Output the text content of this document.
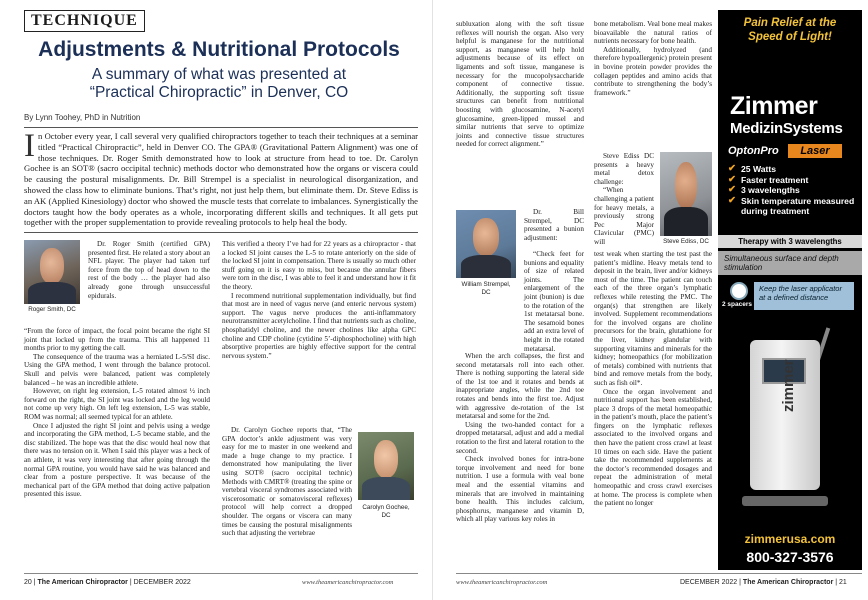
TECHNIQUE
Adjustments & Nutritional Protocols
A summary of what was presented at
“Practical Chiropractic” in Denver, CO
By Lynn Toohey, PhD in Nutrition
In October every year, I call several very qualified chiropractors together to teach their techniques at a seminar titled “Practical Chiropractic”, held in Denver CO. The GPA® (Gravitational Pattern Alignment) was one of those techniques. Dr. Roger Smith demonstrated how to look at structure from head to toe. Dr. Carolyn Gochee is an SOT® (sacro occipital technic) methods doctor who demonstrated how the organs or viscera could be causing the postural misalignments. Dr. Bill Strempel is a specialist in neurological disorganization, and showed the class how to eliminate bunions. That’s right, not just help them, but eliminate them. Dr. Steve Ediss is an AK (Applied Kinesiology) doctor who showed the muscle tests that correlate to imbalances. Synergistically the doctors taught how the body operates as a whole, incorporating different skills and techniques. It all gets put together with the proper supplementation to provide revealing protocols to help heal the body.
Roger Smith, DC

Dr. Roger Smith (certified GPA) presented first. He related a story about an NFL player. The player had taken turf force from the top of head down to the rest of the body … the player had also already gone through unsuccessful epidurals.

“From the force of impact, the focal point became the right SI joint that locked up from the trauma. This all happened 11 months prior to my getting the call.

The consequence of the trauma was a herniated L-5/SI disc. Using the GPA method, I went through the balance protocol. Skull and pelvis were balanced, patient was completely balanced – he was an incredible athlete.

However, on right leg extension, L-5 rotated almost ½ inch forward on the right, the SI joint was locked and the leg would not come up very high. On left leg extension, L-5 was stable, ROM was normal; all seemed typical for an athlete.

Once I adjusted the right SI joint and pelvis using a wedge and incorporating the GPA method, L-5 became stable, and the disc stabilized. The hope was that the disc would heal now that there was no tension on it. When I said this player was a heck of an athlete, it was very interesting that after going through the normal GPA routine, you would have said he was balanced and clear from a posture perspective. It was because of the mechanical part of the GPA method that doing active palpation presented this issue.

This verified a theory I’ve had for 22 years as a chiropractor - that a locked SI joint causes the L-5 to rotate anteriorly on the side of the locked SI joint in compensation. There is usually so much other stuff going on it is easy to miss, but because the annular fibers were torn in the disc, I was able to feel it and understand how it fit the theory.

I recommend nutritional supplementation individually, but find that most are in need of vagus nerve (and enteric nervous system) support. The vagus nerve produces the anti-inflammatory neurotransmitter acetylcholine. I find that nutrients such as choline, phosphatidyl choline, and the newer cholines like alpha GPC choline and CDP choline (cytidine 5’-diphosphocholine) with high absorptive properties are highly effective support for the central nervous system.”

Dr. Carolyn Gochee reports that, “The GPA doctor’s ankle adjustment was very easy for me to master in one weekend and made a huge change to my practice. I demonstrated how manipulating the liver using SOT® (sacro occipital technic) Methods with CMRT® (treating the spine or vertebral visceral syndromes associated with viscerosomatic or somatovisceral reflexes) protocol will help correct a dropped shoulder. The organs or viscera can many times be causing the postural misalignments such that adjusting the vertebrae

Carolyn Gochee,
DC

subluxation along with the soft tissue reflexes will nourish the organ. Also very helpful is manganese for the nutritional support, as manganese will help hold adjustments because of its effect on ligaments and soft tissue, manganese is necessary for the mucopolysaccharide component of connective tissue. Additionally, the supporting soft tissue structures can benefit from nutritional boosting with glucosamine, N-acetyl glucosamine, green-lipped mussel and similar nutrients that serve to optimize joints and connective tissue structures needed for correct alignment.”

William Strempel,
DC

Dr. Bill Strempel, DC presented a bunion adjustment:

“Check feet for bunions and equality of size of related joints. The enlargement of the joint (bunion) is due to the rotation of the 1st metatarsal bone. The sesamoid bones add an extra level of height in the rotated metatarsal.

When the arch collapses, the first and second metatarsals roll into each other. There is nothing supporting the lateral side of the 1st toe and it rotates and bends at inappropriate angles, while the 2nd toe rotates and bends into the first toe. Adjust with aggressive de-rotation of the 1st metatarsal and some for the 2nd.

Using the two-handed contact for a dropped metatarsal, adjust and add a medial rotation to the first and lateral rotation to the second.

Check involved bones for intra-bone torque involvement and need for bone nutrition. I use a formula with veal bone meal and the essential vitamins and minerals that are involved in maintaining bone health. This includes calcium, phosphorus, manganese and vitamin D, which all play various key roles in

bone metabolism. Veal bone meal makes bioavailable the natural ratios of nutrients necessary for bone health.

Additionally, hydrolyzed (and therefore hypoallergenic) protein present in bovine protein powder provides the collagen peptides and amino acids that contribute to strengthening the body’s framework.”

Steve Ediss DC presents a heavy metal detox challenge:

“When challenging a patient for heavy metals, a previously strong Pec Major Clavicular (PMC) will	Steve Ediss, DC

test weak when starting the test past the patient’s midline. Heavy metals tend to deposit in the brain, liver and/or kidneys most of the time. The patient can touch each of the three organ’s lymphatic reflexes while retesting the PMC. The organ(s) that strengthen are likely involved. Supplement recommendations for the involved organs are choline precursors for the brain, glutathione for the liver, kidney glandular with supporting vitamins and minerals for the kidney; homeopathics (for mobilization of metals) combined with nutrients that bind and remove metals from the body, such as fish oil*.

Once the organ involvement and nutritional support has been established, place 3 drops of the metal homeopathic in the patient’s mouth, place the patient’s fingers on the lymphatic reflexes associated to the involved organs and then have the patient cross crawl at least 10 times on each side. Have the patient take the recommended supplements at the doctor’s recommended dosages and repeat the administration of metal homeopathic and cross crawl exercises at home. The process is complete when the patient no longer

Pain Relief at the
Speed of Light!
Zimmer
MedizinSystems
OptonPro	Laser
✔ 25 Watts
✔ Faster treatment
✔ 3 wavelengths
✔ Skin temperature measured during treatment
Therapy with 3 wavelengths
Simultaneous surface and depth stimulation
2 spacers
Keep the laser applicator at a defined distance
zimmer
zimmerusa.com
800-327-3576
20 | The American Chiropractor | DECEMBER 2022	www.theamericanchiropractor.com	www.theamericanchiropractor.com	DECEMBER 2022 | The American Chiropractor | 21
